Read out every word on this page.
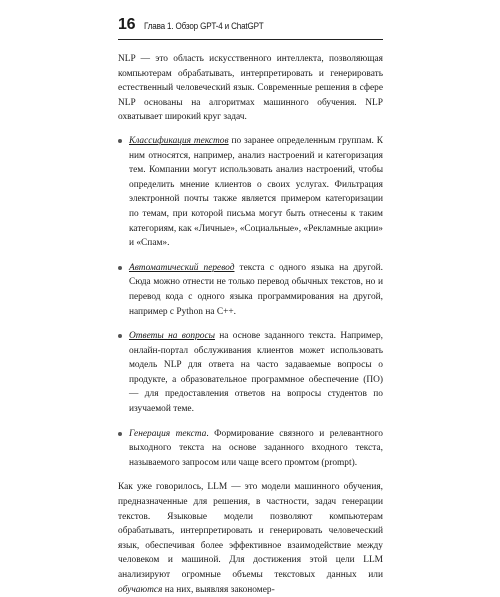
16 Глава 1. Обзор GPT-4 и ChatGPT

NLP — это область искусственного интеллекта, позволяющая компьютерам обрабатывать, интерпретировать и генерировать естественный человеческий язык. Современные решения в сфере NLP основаны на алгоритмах машинного обучения. NLP охватывает широкий круг задач.

Классификация текстов по заранее определенным группам. К ним относятся, например, анализ настроений и категоризация тем. Компании могут использовать анализ настроений, чтобы определить мнение клиентов о своих услугах. Фильтрация электронной почты также является примером категоризации по темам, при которой письма могут быть отнесены к таким категориям, как «Личные», «Социальные», «Рекламные акции» и «Спам».
Автоматический перевод текста с одного языка на другой. Сюда можно отнести не только перевод обычных текстов, но и перевод кода с одного языка программирования на другой, например с Python на C++.
Ответы на вопросы на основе заданного текста. Например, онлайн-портал обслуживания клиентов может использовать модель NLP для ответа на часто задаваемые вопросы о продукте, а образовательное программное обеспечение (ПО) — для предоставления ответов на вопросы студентов по изучаемой теме.
Генерация текста. Формирование связного и релевантного выходного текста на основе заданного входного текста, называемого запросом или чаще всего промтом (prompt).

Как уже говорилось, LLM — это модели машинного обучения, предназначенные для решения, в частности, задач генерации текстов. Языковые модели позволяют компьютерам обрабатывать, интерпретировать и генерировать человеческий язык, обеспечивая более эффективное взаимодействие между человеком и машиной. Для достижения этой цели LLM анализируют огромные объемы текстовых данных или обучаются на них, выявляя закономер-
